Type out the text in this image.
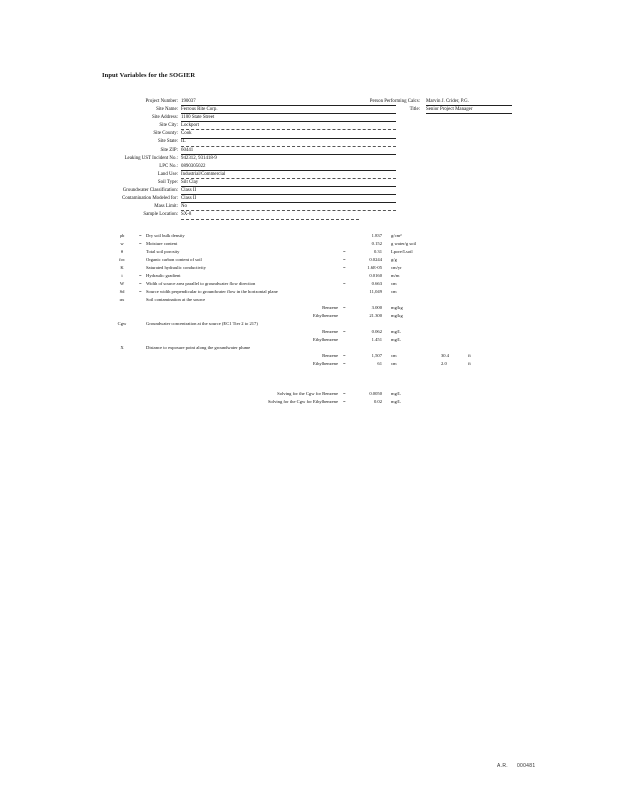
Input Variables for the SOGIER
Project Number: 190037
Site Name: Ferrous Rite Corp.
Site Address: 1100 State Street
Site City: Lockport
Site County: Cook
Site State: IL
Site ZIP: 60441
Leaking UST Incident No.: 942312, 931418-9
LPC No.: 0890305022
Land Use: Industrial/Commercial
Soil Type: Silt Clay
Groundwater Classification: Class II
Contamination Modeled for: Class II
Mass Limit: No
Sample Location: SX-8
Person Performing Calcs: Marvin J. Crider, P.G.
Title: Senior Project Manager
ρb	= Dry soil bulk density	1.837 g/cm³
w	= Moisture content	0.152 g water/g soil
θ	Total soil porosity	=	0.31 Lpore/Lsoil
foc	Organic carbon content of soil	=	0.0244 g/g
K	Saturated hydraulic conductivity	=	1.6E-05 cm/yr
i	= Hydraulic gradient	0.0160 m/m
W	= Width of source area parallel to groundwater flow direction	=	0.663 cm
Sd	= Source width perpendicular to groundwater flow in the horizontal plane	11,049 cm
αx	Soil contamination at the source
Benzene =	3.000 mg/kg
Ethylbenzene	21.300 mg/kg
Cgw	Groundwater concentration at the source (EC1 Tier 2 to 217)
Benzene =	0.062 mg/L
Ethylbenzene	1.451 mg/L
X	Distance to exposure point along the groundwater plume
Benzene =	1,507 cm	30.4	ft
Ethylbenzene =	61 cm	2.0	ft
Solving for the Cgw for Benzene =	0.0050 mg/L
Solving for the Cgw for Ethylbenzene =	0.02 mg/L
A.R. 000481
